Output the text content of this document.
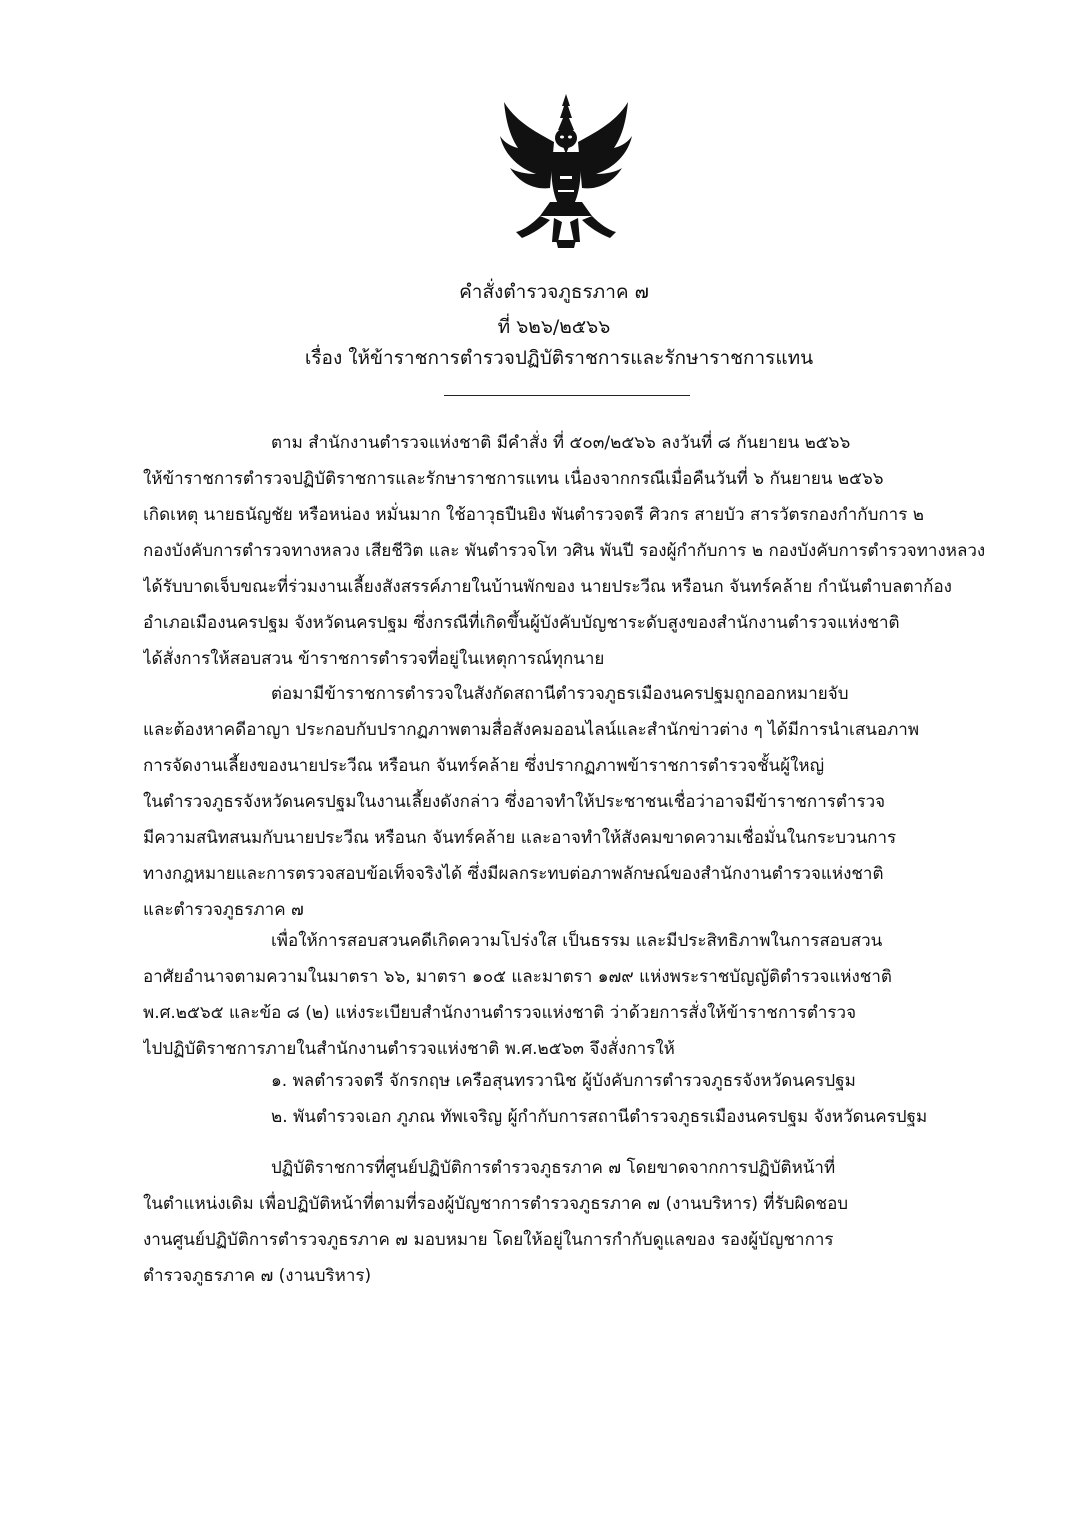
คำสั่งตำรวจภูธรภาค ๗
ที่ ๖๒๖/๒๕๖๖
เรื่อง ให้ข้าราชการตำรวจปฏิบัติราชการและรักษาราชการแทน
ตาม สำนักงานตำรวจแห่งชาติ มีคำสั่ง ที่ ๕๐๓/๒๕๖๖ ลงวันที่ ๘ กันยายน ๒๕๖๖
ให้ข้าราชการตำรวจปฏิบัติราชการและรักษาราชการแทน เนื่องจากกรณีเมื่อคืนวันที่ ๖ กันยายน ๒๕๖๖
เกิดเหตุ นายธนัญชัย หรือหน่อง หมั่นมาก ใช้อาวุธปืนยิง พันตำรวจตรี ศิวกร สายบัว สารวัตรกองกำกับการ ๒
กองบังคับการตำรวจทางหลวง เสียชีวิต และ พันตำรวจโท วศิน พันปี รองผู้กำกับการ ๒ กองบังคับการตำรวจทางหลวง
ได้รับบาดเจ็บขณะที่ร่วมงานเลี้ยงสังสรรค์ภายในบ้านพักของ นายประวีณ หรือนก จันทร์คล้าย กำนันตำบลตาก้อง
อำเภอเมืองนครปฐม จังหวัดนครปฐม ซึ่งกรณีที่เกิดขึ้นผู้บังคับบัญชาระดับสูงของสำนักงานตำรวจแห่งชาติ
ได้สั่งการให้สอบสวน ข้าราชการตำรวจที่อยู่ในเหตุการณ์ทุกนาย
ต่อมามีข้าราชการตำรวจในสังกัดสถานีตำรวจภูธรเมืองนครปฐมถูกออกหมายจับ
และต้องหาคดีอาญา ประกอบกับปรากฏภาพตามสื่อสังคมออนไลน์และสำนักข่าวต่าง ๆ ได้มีการนำเสนอภาพ
การจัดงานเลี้ยงของนายประวีณ หรือนก จันทร์คล้าย ซึ่งปรากฏภาพข้าราชการตำรวจชั้นผู้ใหญ่
ในตำรวจภูธรจังหวัดนครปฐมในงานเลี้ยงดังกล่าว ซึ่งอาจทำให้ประชาชนเชื่อว่าอาจมีข้าราชการตำรวจ
มีความสนิทสนมกับนายประวีณ หรือนก จันทร์คล้าย และอาจทำให้สังคมขาดความเชื่อมั่นในกระบวนการ
ทางกฎหมายและการตรวจสอบข้อเท็จจริงได้ ซึ่งมีผลกระทบต่อภาพลักษณ์ของสำนักงานตำรวจแห่งชาติ
และตำรวจภูธรภาค ๗
เพื่อให้การสอบสวนคดีเกิดความโปร่งใส เป็นธรรม และมีประสิทธิภาพในการสอบสวน
อาศัยอำนาจตามความในมาตรา ๖๖, มาตรา ๑๐๕ และมาตรา ๑๗๙ แห่งพระราชบัญญัติตำรวจแห่งชาติ
พ.ศ.๒๕๖๕ และข้อ ๘ (๒) แห่งระเบียบสำนักงานตำรวจแห่งชาติ ว่าด้วยการสั่งให้ข้าราชการตำรวจ
ไปปฏิบัติราชการภายในสำนักงานตำรวจแห่งชาติ พ.ศ.๒๕๖๓ จึงสั่งการให้
๑. พลตำรวจตรี จักรกฤษ เครือสุนทรวานิช ผู้บังคับการตำรวจภูธรจังหวัดนครปฐม
๒. พันตำรวจเอก ภูภณ ทัพเจริญ ผู้กำกับการสถานีตำรวจภูธรเมืองนครปฐม จังหวัดนครปฐม
ปฏิบัติราชการที่ศูนย์ปฏิบัติการตำรวจภูธรภาค ๗ โดยขาดจากการปฏิบัติหน้าที่
ในตำแหน่งเดิม เพื่อปฏิบัติหน้าที่ตามที่รองผู้บัญชาการตำรวจภูธรภาค ๗ (งานบริหาร) ที่รับผิดชอบ
งานศูนย์ปฏิบัติการตำรวจภูธรภาค ๗ มอบหมาย โดยให้อยู่ในการกำกับดูแลของ รองผู้บัญชาการ
ตำรวจภูธรภาค ๗ (งานบริหาร)
